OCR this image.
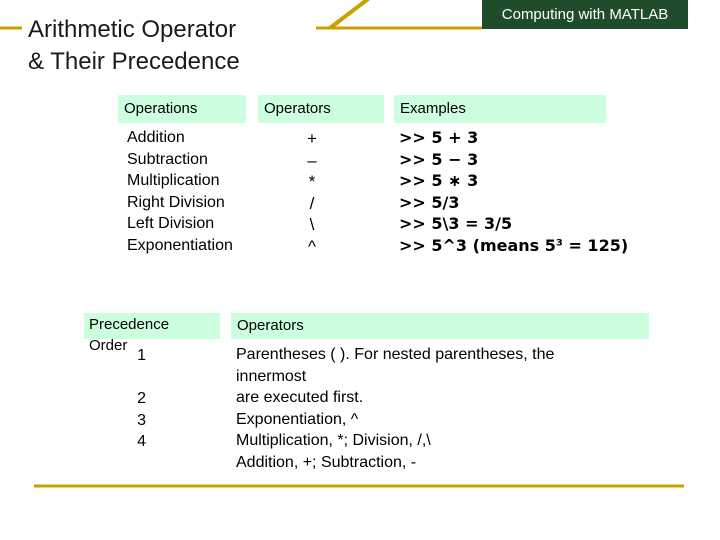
Arithmetic Operator
& Their Precedence
Computing with MATLAB
Operations	Operators	Examples
Addition
Subtraction
Multiplication
Right Division
Left Division
Exponentiation
+
–
*
/
\
^
>> 5 + 3
>> 5 − 3
>> 5 ∗ 3
>> 5/3
>> 5\3 = 3/5
>> 5^3 (means 5³ = 125)
Precedence Order
Operators
1

2
3
4
Parentheses ( ). For nested parentheses, the
innermost
are executed first.
Exponentiation, ^
Multiplication, *; Division, /,\
Addition, +; Subtraction, -
